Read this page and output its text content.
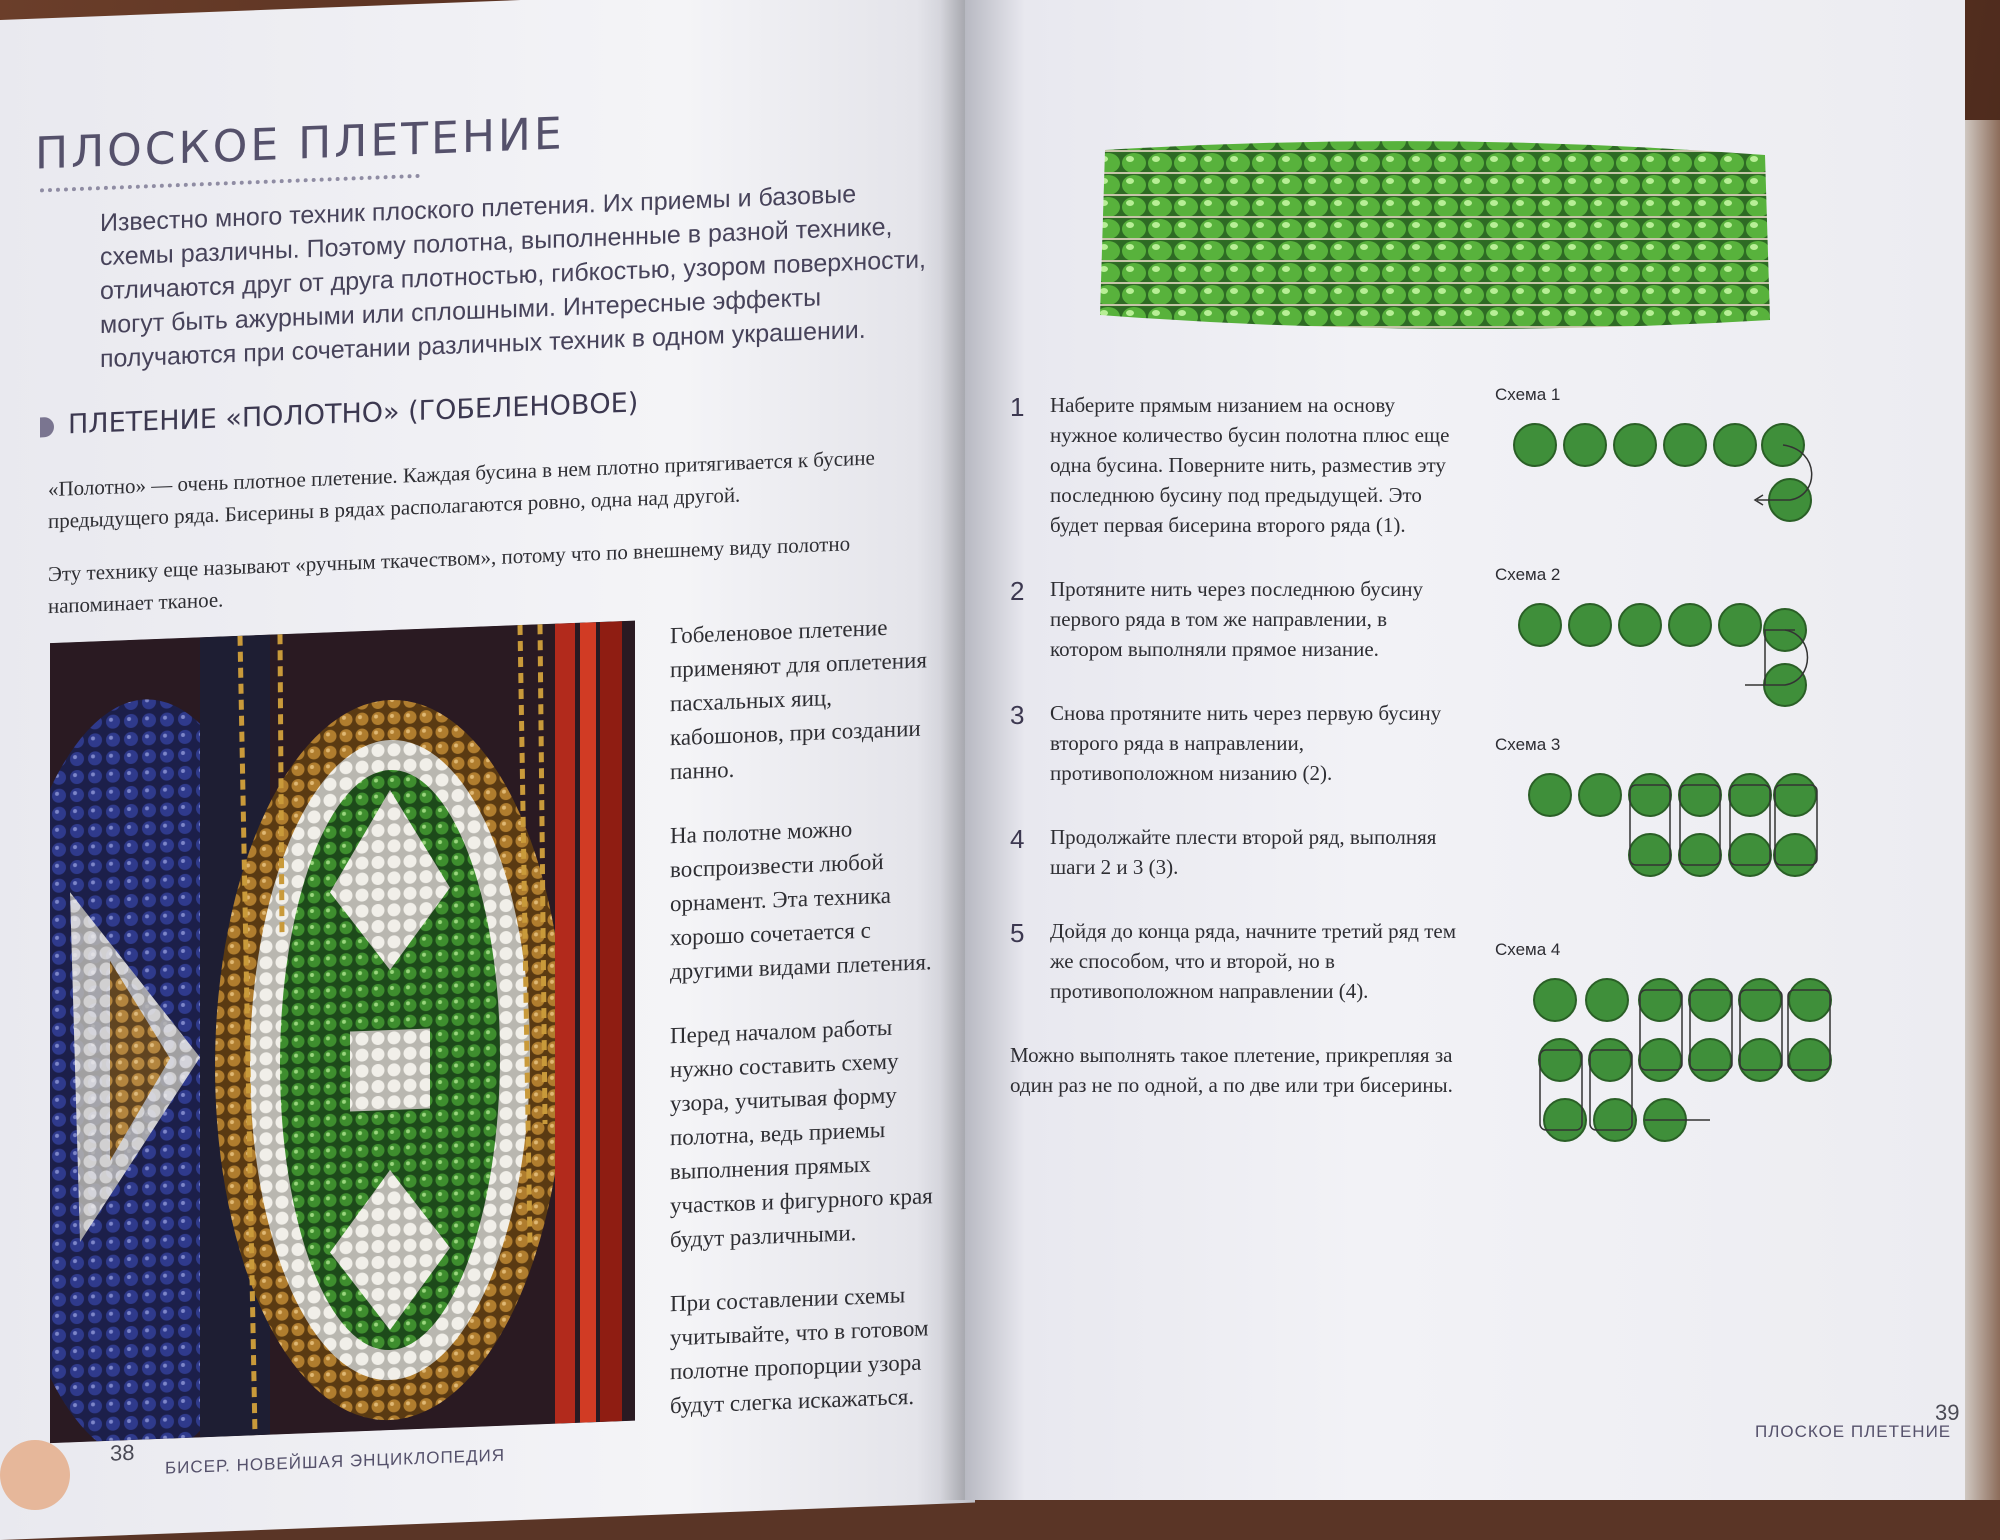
ПЛОСКОЕ ПЛЕТЕНИЕ
Известно много техник плоского плетения. Их приемы и базовые схемы различны. Поэтому полотна, выполненные в разной технике, отличаются друг от друга плотностью, гибкостью, узором поверхности, могут быть ажурными или сплошными. Интересные эффекты получаются при сочетании различных техник в одном украшении.
ПЛЕТЕНИЕ «ПОЛОТНО» (ГОБЕЛЕНОВОЕ)
«Полотно» — очень плотное плетение. Каждая бусина в нем плотно притягивается к бусине предыдущего ряда. Бисерины в рядах располагаются ровно, одна над другой.
Эту технику еще называют «ручным ткачеством», потому что по внешнему виду полотно напоминает тканое.

Гобеленовое плетение применяют для оплетения пасхальных яиц, кабошонов, при создании панно.

На полотне можно воспроизвести любой орнамент. Эта техника хорошо сочетается с другими видами плетения.

Перед началом работы нужно составить схему узора, учитывая форму полотна, ведь приемы выполнения прямых участков и фигурного края будут различными.

При составлении схемы учитывайте, что в готовом полотне пропорции узора будут слегка искажаться.

38 БИСЕР. НОВЕЙШАЯ ЭНЦИКЛОПЕДИЯ
1 Наберите прямым низанием на основу нужное количество бусин полотна плюс еще одна бусина. Поверните нить, разместив эту последнюю бусину под предыдущей. Это будет первая бисерина второго ряда (1).
2 Протяните нить через последнюю бусину первого ряда в том же направлении, в котором выполняли прямое низание.
3 Снова протяните нить через первую бусину второго ряда в направлении, противоположном низанию (2).
4 Продолжайте плести второй ряд, выполняя шаги 2 и 3 (3).
5 Дойдя до конца ряда, начните третий ряд тем же способом, что и второй, но в противоположном направлении (4).
Можно выполнять такое плетение, прикрепляя за один раз не по одной, а по две или три бисерины.
Схема 1
Схема 2
Схема 3
Схема 4
ПЛОСКОЕ ПЛЕТЕНИЕ
39
